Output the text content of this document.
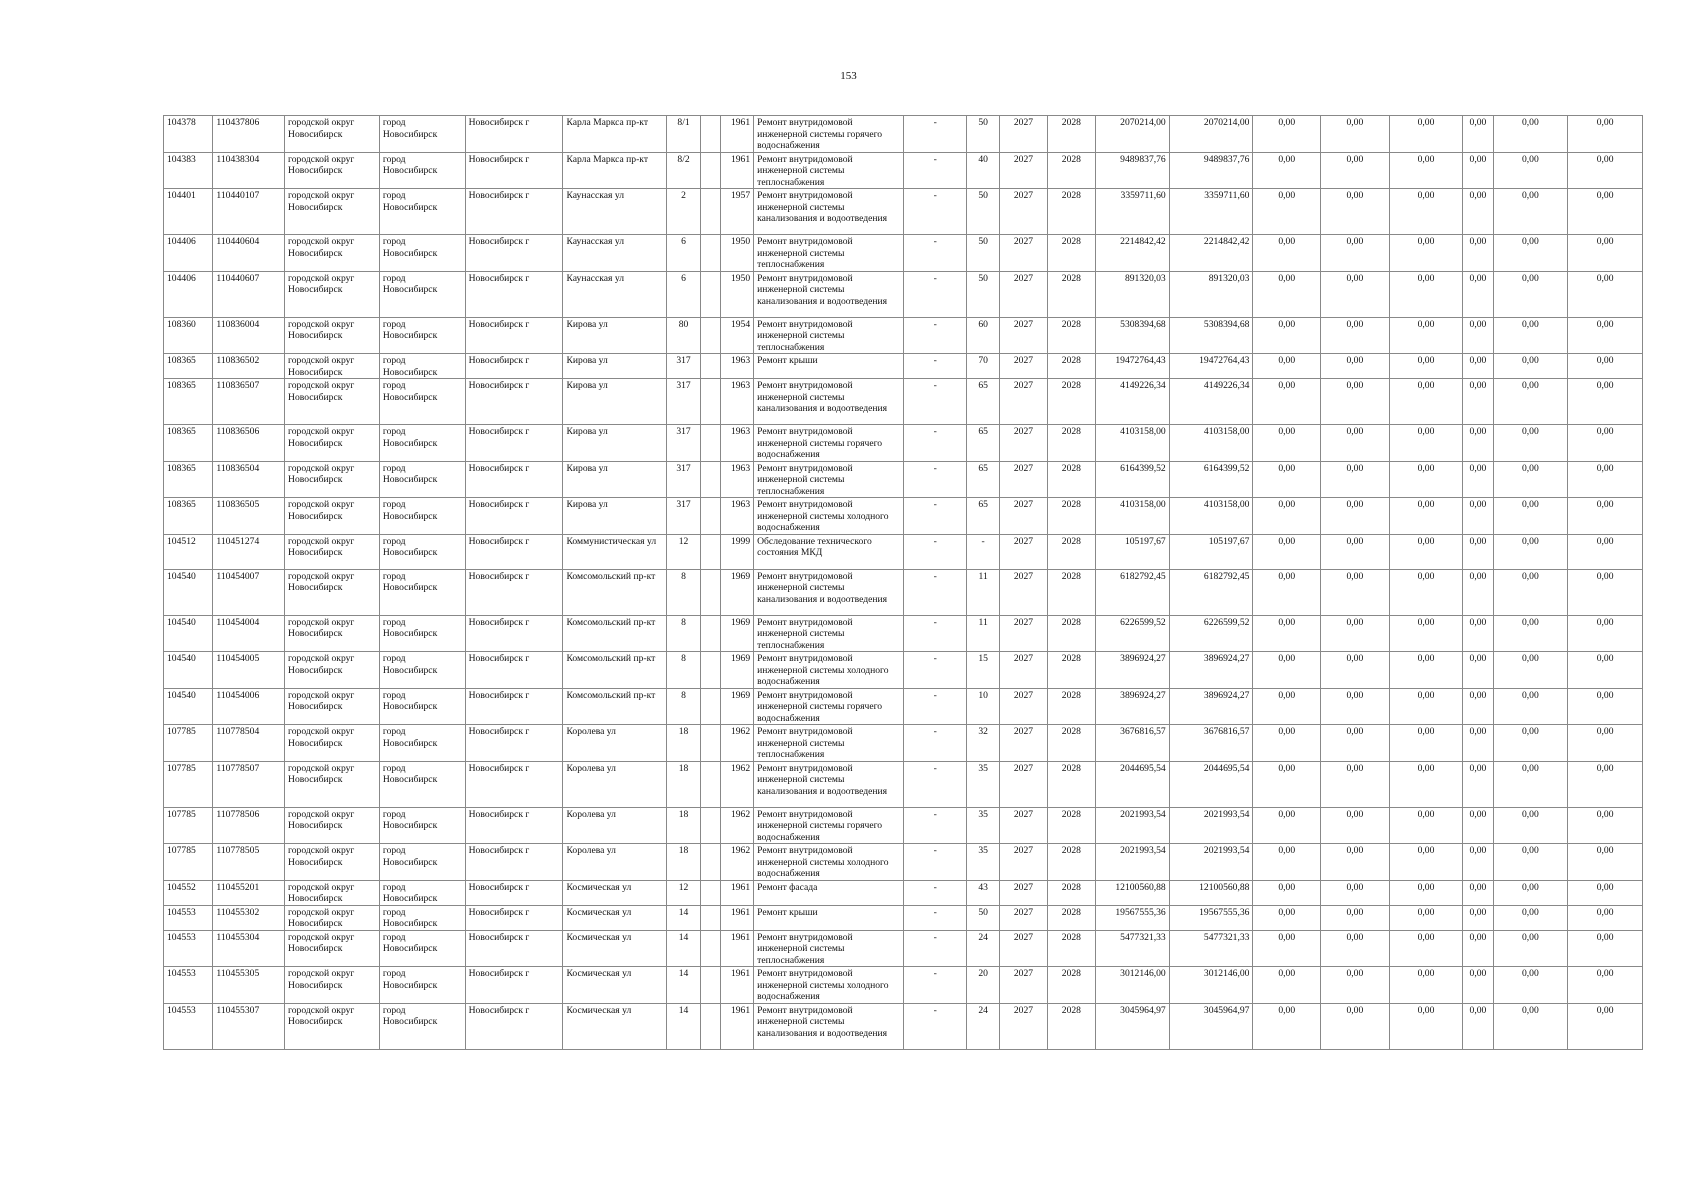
153
104378	110437806	городской округ Новосибирск	город Новосибирск	Новосибирск г	Карла Маркса пр-кт	8/1		1961	Ремонт внутридомовой инженерной системы горячего водоснабжения	-	50	2027	2028	2070214,00	2070214,00	0,00	0,00	0,00	0,00	0,00	0,00
104383	110438304	городской округ Новосибирск	город Новосибирск	Новосибирск г	Карла Маркса пр-кт	8/2		1961	Ремонт внутридомовой инженерной системы теплоснабжения	-	40	2027	2028	9489837,76	9489837,76	0,00	0,00	0,00	0,00	0,00	0,00
104401	110440107	городской округ Новосибирск	город Новосибирск	Новосибирск г	Каунасская ул	2		1957	Ремонт внутридомовой инженерной системы канализования и водоотведения	-	50	2027	2028	3359711,60	3359711,60	0,00	0,00	0,00	0,00	0,00	0,00
104406	110440604	городской округ Новосибирск	город Новосибирск	Новосибирск г	Каунасская ул	6		1950	Ремонт внутридомовой инженерной системы теплоснабжения	-	50	2027	2028	2214842,42	2214842,42	0,00	0,00	0,00	0,00	0,00	0,00
104406	110440607	городской округ Новосибирск	город Новосибирск	Новосибирск г	Каунасская ул	6		1950	Ремонт внутридомовой инженерной системы канализования и водоотведения	-	50	2027	2028	891320,03	891320,03	0,00	0,00	0,00	0,00	0,00	0,00
108360	110836004	городской округ Новосибирск	город Новосибирск	Новосибирск г	Кирова ул	80		1954	Ремонт внутридомовой инженерной системы теплоснабжения	-	60	2027	2028	5308394,68	5308394,68	0,00	0,00	0,00	0,00	0,00	0,00
108365	110836502	городской округ Новосибирск	город Новосибирск	Новосибирск г	Кирова ул	317		1963	Ремонт крыши	-	70	2027	2028	19472764,43	19472764,43	0,00	0,00	0,00	0,00	0,00	0,00
108365	110836507	городской округ Новосибирск	город Новосибирск	Новосибирск г	Кирова ул	317		1963	Ремонт внутридомовой инженерной системы канализования и водоотведения	-	65	2027	2028	4149226,34	4149226,34	0,00	0,00	0,00	0,00	0,00	0,00
108365	110836506	городской округ Новосибирск	город Новосибирск	Новосибирск г	Кирова ул	317		1963	Ремонт внутридомовой инженерной системы горячего водоснабжения	-	65	2027	2028	4103158,00	4103158,00	0,00	0,00	0,00	0,00	0,00	0,00
108365	110836504	городской округ Новосибирск	город Новосибирск	Новосибирск г	Кирова ул	317		1963	Ремонт внутридомовой инженерной системы теплоснабжения	-	65	2027	2028	6164399,52	6164399,52	0,00	0,00	0,00	0,00	0,00	0,00
108365	110836505	городской округ Новосибирск	город Новосибирск	Новосибирск г	Кирова ул	317		1963	Ремонт внутридомовой инженерной системы холодного водоснабжения	-	65	2027	2028	4103158,00	4103158,00	0,00	0,00	0,00	0,00	0,00	0,00
104512	110451274	городской округ Новосибирск	город Новосибирск	Новосибирск г	Коммунистическая ул	12		1999	Обследование технического состояния МКД	-	-	2027	2028	105197,67	105197,67	0,00	0,00	0,00	0,00	0,00	0,00
104540	110454007	городской округ Новосибирск	город Новосибирск	Новосибирск г	Комсомольский пр-кт	8		1969	Ремонт внутридомовой инженерной системы канализования и водоотведения	-	11	2027	2028	6182792,45	6182792,45	0,00	0,00	0,00	0,00	0,00	0,00
104540	110454004	городской округ Новосибирск	город Новосибирск	Новосибирск г	Комсомольский пр-кт	8		1969	Ремонт внутридомовой инженерной системы теплоснабжения	-	11	2027	2028	6226599,52	6226599,52	0,00	0,00	0,00	0,00	0,00	0,00
104540	110454005	городской округ Новосибирск	город Новосибирск	Новосибирск г	Комсомольский пр-кт	8		1969	Ремонт внутридомовой инженерной системы холодного водоснабжения	-	15	2027	2028	3896924,27	3896924,27	0,00	0,00	0,00	0,00	0,00	0,00
104540	110454006	городской округ Новосибирск	город Новосибирск	Новосибирск г	Комсомольский пр-кт	8		1969	Ремонт внутридомовой инженерной системы горячего водоснабжения	-	10	2027	2028	3896924,27	3896924,27	0,00	0,00	0,00	0,00	0,00	0,00
107785	110778504	городской округ Новосибирск	город Новосибирск	Новосибирск г	Королева ул	18		1962	Ремонт внутридомовой инженерной системы теплоснабжения	-	32	2027	2028	3676816,57	3676816,57	0,00	0,00	0,00	0,00	0,00	0,00
107785	110778507	городской округ Новосибирск	город Новосибирск	Новосибирск г	Королева ул	18		1962	Ремонт внутридомовой инженерной системы канализования и водоотведения	-	35	2027	2028	2044695,54	2044695,54	0,00	0,00	0,00	0,00	0,00	0,00
107785	110778506	городской округ Новосибирск	город Новосибирск	Новосибирск г	Королева ул	18		1962	Ремонт внутридомовой инженерной системы горячего водоснабжения	-	35	2027	2028	2021993,54	2021993,54	0,00	0,00	0,00	0,00	0,00	0,00
107785	110778505	городской округ Новосибирск	город Новосибирск	Новосибирск г	Королева ул	18		1962	Ремонт внутридомовой инженерной системы холодного водоснабжения	-	35	2027	2028	2021993,54	2021993,54	0,00	0,00	0,00	0,00	0,00	0,00
104552	110455201	городской округ Новосибирск	город Новосибирск	Новосибирск г	Космическая ул	12		1961	Ремонт фасада	-	43	2027	2028	12100560,88	12100560,88	0,00	0,00	0,00	0,00	0,00	0,00
104553	110455302	городской округ Новосибирск	город Новосибирск	Новосибирск г	Космическая ул	14		1961	Ремонт крыши	-	50	2027	2028	19567555,36	19567555,36	0,00	0,00	0,00	0,00	0,00	0,00
104553	110455304	городской округ Новосибирск	город Новосибирск	Новосибирск г	Космическая ул	14		1961	Ремонт внутридомовой инженерной системы теплоснабжения	-	24	2027	2028	5477321,33	5477321,33	0,00	0,00	0,00	0,00	0,00	0,00
104553	110455305	городской округ Новосибирск	город Новосибирск	Новосибирск г	Космическая ул	14		1961	Ремонт внутридомовой инженерной системы холодного водоснабжения	-	20	2027	2028	3012146,00	3012146,00	0,00	0,00	0,00	0,00	0,00	0,00
104553	110455307	городской округ Новосибирск	город Новосибирск	Новосибирск г	Космическая ул	14		1961	Ремонт внутридомовой инженерной системы канализования и водоотведения	-	24	2027	2028	3045964,97	3045964,97	0,00	0,00	0,00	0,00	0,00	0,00
